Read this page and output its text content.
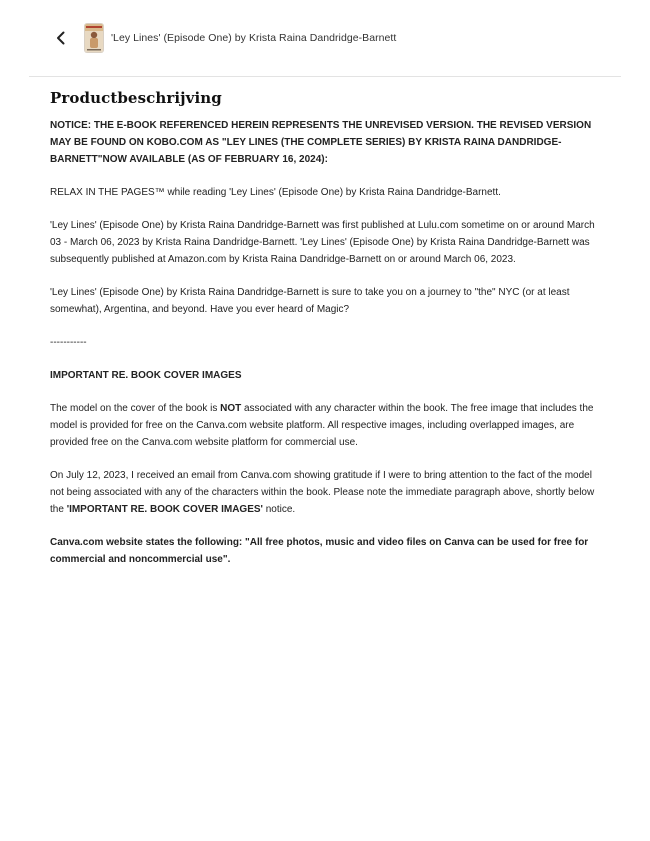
'Ley Lines' (Episode One) by Krista Raina Dandridge-Barnett
Productbeschrijving

NOTICE: THE E-BOOK REFERENCED HEREIN REPRESENTS THE UNREVISED VERSION. THE REVISED VERSION MAY BE FOUND ON KOBO.COM AS "LEY LINES (THE COMPLETE SERIES) BY KRISTA RAINA DANDRIDGE-BARNETT"NOW AVAILABLE (AS OF FEBRUARY 16, 2024):

RELAX IN THE PAGES™ while reading 'Ley Lines' (Episode One) by Krista Raina Dandridge-Barnett.

'Ley Lines' (Episode One) by Krista Raina Dandridge-Barnett was first published at Lulu.com sometime on or around March 03 - March 06, 2023 by Krista Raina Dandridge-Barnett. 'Ley Lines' (Episode One) by Krista Raina Dandridge-Barnett was subsequently published at Amazon.com by Krista Raina Dandridge-Barnett on or around March 06, 2023.

'Ley Lines' (Episode One) by Krista Raina Dandridge-Barnett is sure to take you on a journey to "the" NYC (or at least somewhat), Argentina, and beyond. Have you ever heard of Magic?

-----------

IMPORTANT RE. BOOK COVER IMAGES

The model on the cover of the book is NOT associated with any character within the book. The free image that includes the model is provided for free on the Canva.com website platform. All respective images, including overlapped images, are provided free on the Canva.com website platform for commercial use.

On July 12, 2023, I received an email from Canva.com showing gratitude if I were to bring attention to the fact of the model not being associated with any of the characters within the book. Please note the immediate paragraph above, shortly below the 'IMPORTANT RE. BOOK COVER IMAGES' notice.

Canva.com website states the following: "All free photos, music and video files on Canva can be used for free for commercial and noncommercial use".
